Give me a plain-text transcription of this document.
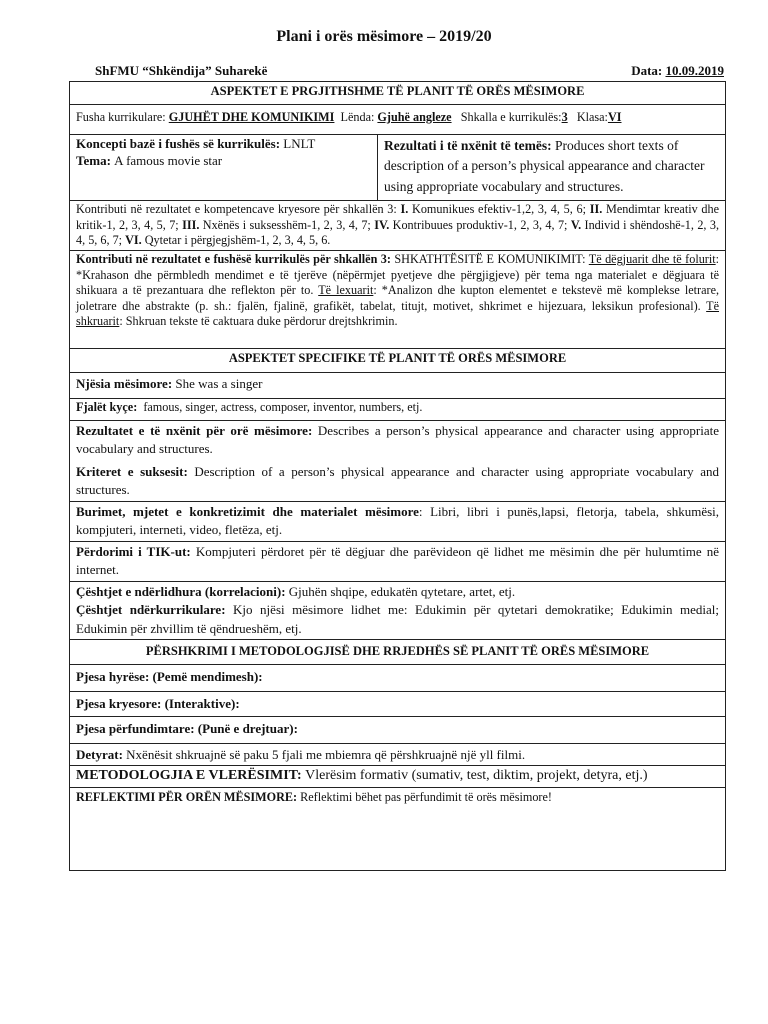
Plani i orës mësimore – 2019/20
ShFMU “Shkëndija” Suharekë	Data: 10.09.2019
ASPEKTET E PRGJITHSHME TË PLANIT TË ORËS MËSIMORE
Fusha kurrikulare: GJUHËT DHE KOMUNIKIMI  Lënda: Gjuhë angleze   Shkalla e kurrikulës:3   Klasa:VI
Koncepti bazë i fushës së kurrikulës: LNLT
Tema: A famous movie star	Rezultati i të nxënit të temës: Produces short texts of description of a person’s physical appearance and character using appropriate vocabulary and structures.
Kontributi në rezultatet e kompetencave kryesore për shkallën 3: I. Komunikues efektiv-1,2, 3, 4, 5, 6; II. Mendimtar kreativ dhe kritik-1, 2, 3, 4, 5, 7; III. Nxënës i suksesshëm-1, 2, 3, 4, 7; IV. Kontribuues produktiv-1, 2, 3, 4, 7; V. Individ i shëndoshë-1, 2, 3, 4, 5, 6, 7; VI. Qytetar i përgjegjshëm-1, 2, 3, 4, 5, 6.
Kontributi në rezultatet e fushësë kurrikulës për shkallën 3: SHKATHTËSITË E KOMUNIKIMIT: Të dëgjuarit dhe të folurit: *Krahason dhe përmbledh mendimet e të tjerëve (nëpërmjet pyetjeve dhe përgjigjeve) për tema nga materialet e dëgjuara të shikuara a të prezantuara dhe reflekton për to. Të lexuarit: *Analizon dhe kupton elementet e tekstevë më komplekse letrare, joletrare dhe abstrakte (p. sh.: fjalën, fjalinë, grafikët, tabelat, titujt, motivet, shkrimet e hijezuara, leksikun profesional). Të shkruarit: Shkruan tekste të caktuara duke përdorur drejtshkrimin.
ASPEKTET SPECIFIKE TË PLANIT TË ORËS MËSIMORE
Njësia mësimore: She was a singer
Fjalët kyçe:  famous, singer, actress, composer, inventor, numbers, etj.

Rezultatet e të nxënit për orë mësimore: Describes a person’s physical appearance and character using appropriate vocabulary and structures.
Kriteret e suksesit: Description of a person’s physical appearance and character using appropriate vocabulary and structures.

Burimet, mjetet e konkretizimit dhe materialet mësimore: Libri, libri i punës,lapsi, fletorja, tabela, shkumësi, kompjuteri, interneti, video, fletëza, etj.
Përdorimi i TIK-ut: Kompjuteri përdoret për të dëgjuar dhe parëvideon që lidhet me mësimin dhe për hulumtime në internet.

Çështjet e ndërlidhura (korrelacioni): Gjuhën shqipe, edukatën qytetare, artet, etj.
Çështjet ndërkurrikulare: Kjo njësi mësimore lidhet me: Edukimin për qytetari demokratike; Edukimin medial; Edukimin për zhvillim të qëndrueshëm, etj.

PËRSHKRIMI I METODOLOGJISË DHE RRJEDHËS SË PLANIT TË ORËS MËSIMORE
Pjesa hyrëse: (Pemë mendimesh):
Pjesa kryesore: (Interaktive):
Pjesa përfundimtare: (Punë e drejtuar):
Detyrat: Nxënësit shkruajnë së paku 5 fjali me mbiemra që përshkruajnë një yll filmi.
METODOLOGJIA E VLERËSIMIT: Vlerësim formativ (sumativ, test, diktim, projekt, detyra, etj.)
REFLEKTIMI PËR ORËN MËSIMORE: Reflektimi bëhet pas përfundimit të orës mësimore!
